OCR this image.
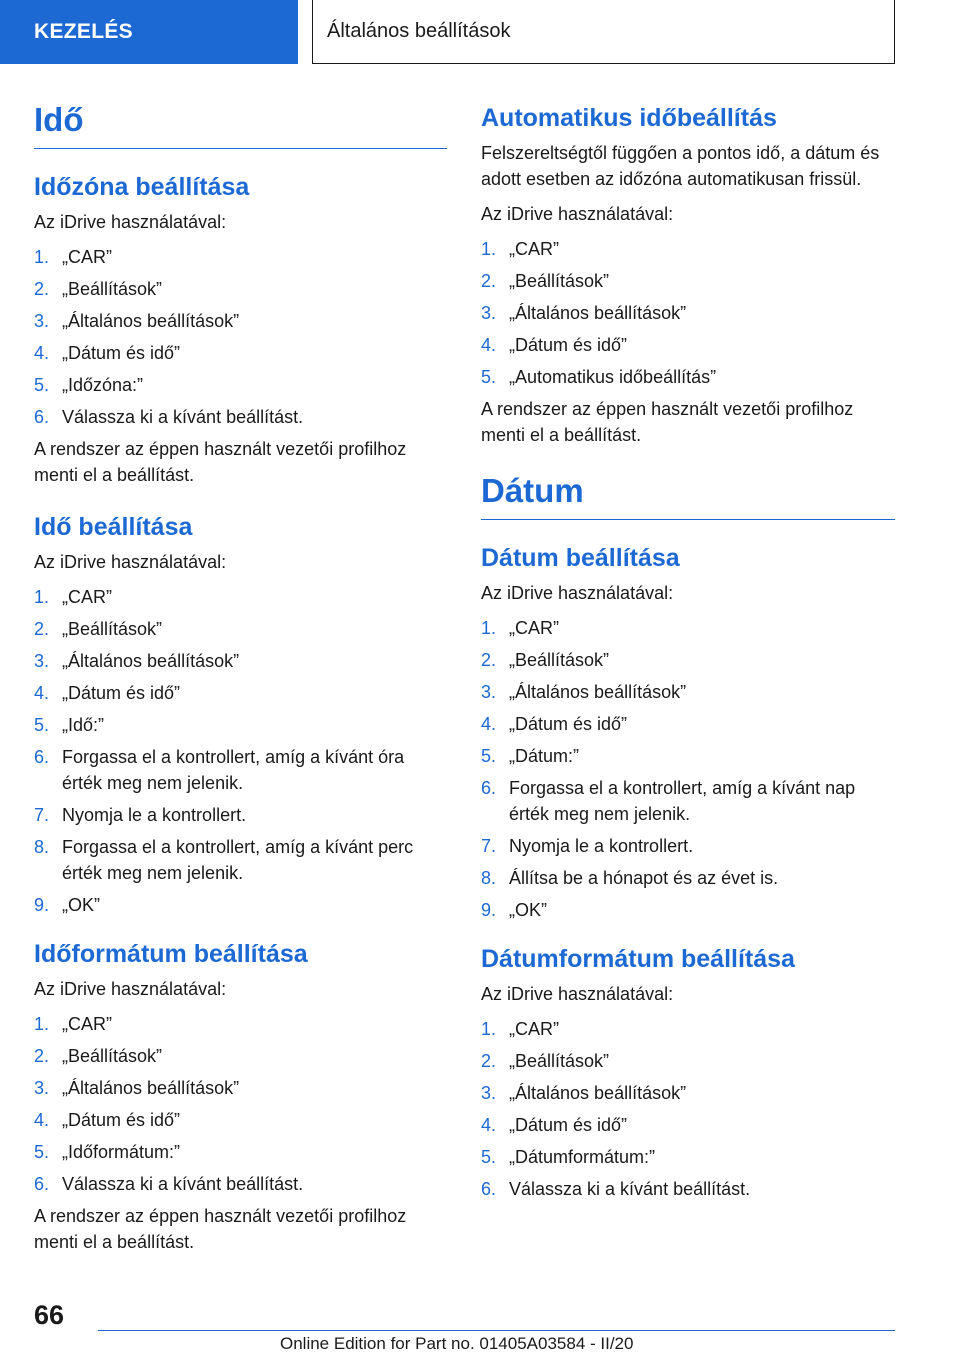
KEZELÉS	Általános beállítások
Idő
Időzóna beállítása

Az iDrive használatával:

1. „CAR”
2. „Beállítások”
3. „Általános beállítások”
4. „Dátum és idő”
5. „Időzóna:”
6. Válassza ki a kívánt beállítást.

A rendszer az éppen használt vezetői profilhoz menti el a beállítást.

Idő beállítása

Az iDrive használatával:

1. „CAR”
2. „Beállítások”
3. „Általános beállítások”
4. „Dátum és idő”
5. „Idő:”
6. Forgassa el a kontrollert, amíg a kívánt óra érték meg nem jelenik.
7. Nyomja le a kontrollert.
8. Forgassa el a kontrollert, amíg a kívánt perc érték meg nem jelenik.
9. „OK”
Időformátum beállítása

Az iDrive használatával:

1. „CAR”
2. „Beállítások”
3. „Általános beállítások”
4. „Dátum és idő”
5. „Időformátum:”
6. Válassza ki a kívánt beállítást.

A rendszer az éppen használt vezetői profilhoz menti el a beállítást.

Automatikus időbeállítás

Felszereltségtől függően a pontos idő, a dátum és adott esetben az időzóna automatikusan frissül.

Az iDrive használatával:

1. „CAR”
2. „Beállítások”
3. „Általános beállítások”
4. „Dátum és idő”
5. „Automatikus időbeállítás”

A rendszer az éppen használt vezetői profilhoz menti el a beállítást.

Dátum
Dátum beállítása

Az iDrive használatával:

1. „CAR”
2. „Beállítások”
3. „Általános beállítások”
4. „Dátum és idő”
5. „Dátum:”
6. Forgassa el a kontrollert, amíg a kívánt nap érték meg nem jelenik.
7. Nyomja le a kontrollert.
8. Állítsa be a hónapot és az évet is.
9. „OK”
Dátumformátum beállítása

Az iDrive használatával:

1. „CAR”
2. „Beállítások”
3. „Általános beállítások”
4. „Dátum és idő”
5. „Dátumformátum:”
6. Válassza ki a kívánt beállítást.
66
Online Edition for Part no. 01405A03584 - II/20
